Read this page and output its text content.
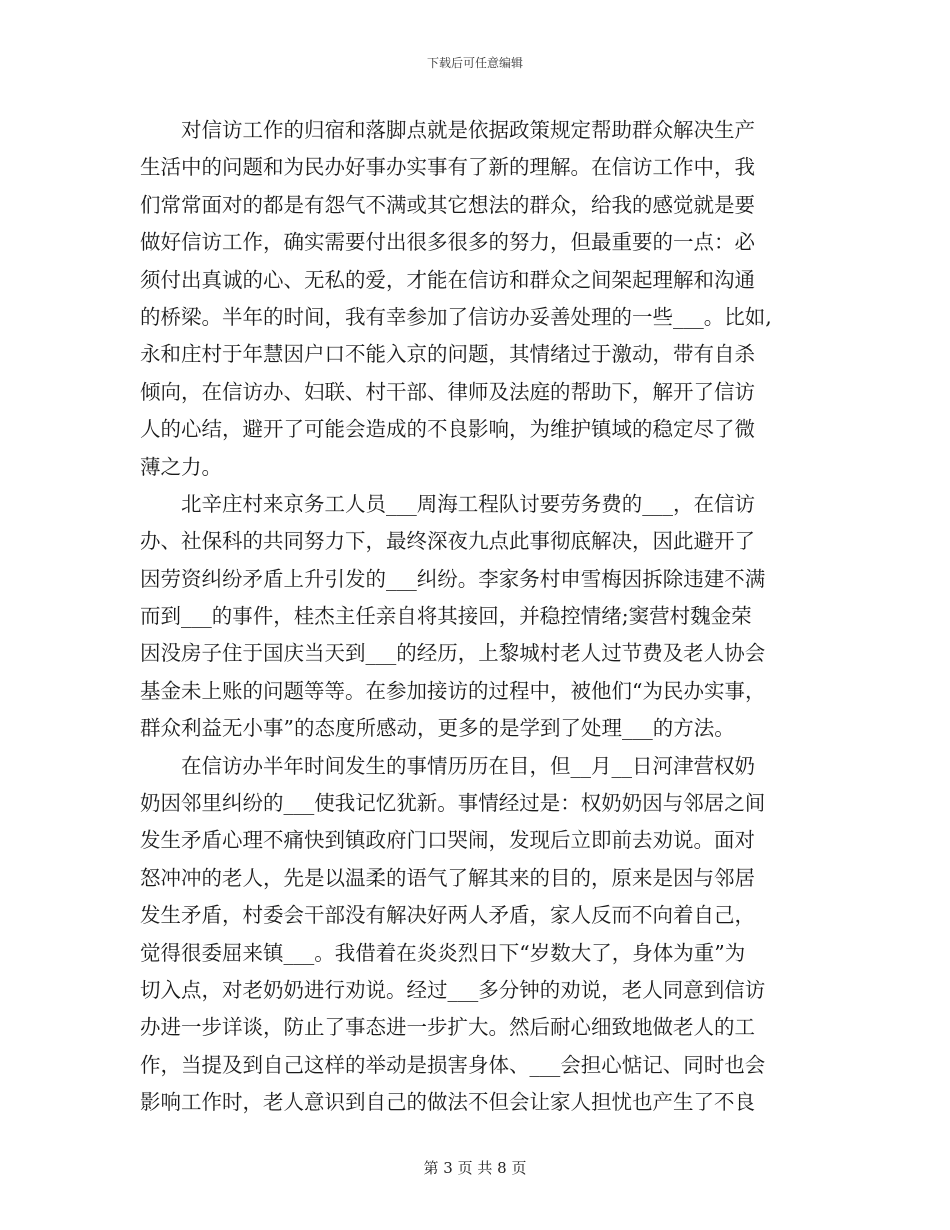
下载后可任意编辑
　　对信访工作的归宿和落脚点就是依据政策规定帮助群众解决生产
生活中的问题和为民办好事办实事有了新的理解。在信访工作中，我
们常常面对的都是有怨气不满或其它想法的群众，给我的感觉就是要
做好信访工作，确实需要付出很多很多的努力，但最重要的一点：必
须付出真诚的心、无私的爱，才能在信访和群众之间架起理解和沟通
的桥梁。半年的时间，我有幸参加了信访办妥善处理的一些___。比如,
永和庄村于年慧因户口不能入京的问题，其情绪过于激动，带有自杀
倾向，在信访办、妇联、村干部、律师及法庭的帮助下，解开了信访
人的心结，避开了可能会造成的不良影响，为维护镇域的稳定尽了微
薄之力。
　　北辛庄村来京务工人员___周海工程队讨要劳务费的___，在信访
办、社保科的共同努力下，最终深夜九点此事彻底解决，因此避开了
因劳资纠纷矛盾上升引发的___纠纷。李家务村申雪梅因拆除违建不满
而到___的事件，桂杰主任亲自将其接回，并稳控情绪;窦营村魏金荣
因没房子住于国庆当天到___的经历，上黎城村老人过节费及老人协会
基金未上账的问题等等。在参加接访的过程中，被他们“为民办实事，
群众利益无小事”的态度所感动，更多的是学到了处理___的方法。
　　在信访办半年时间发生的事情历历在目，但__月__日河津营权奶
奶因邻里纠纷的___使我记忆犹新。事情经过是：权奶奶因与邻居之间
发生矛盾心理不痛快到镇政府门口哭闹，发现后立即前去劝说。面对
怒冲冲的老人，先是以温柔的语气了解其来的目的，原来是因与邻居
发生矛盾，村委会干部没有解决好两人矛盾，家人反而不向着自己，
觉得很委屈来镇___。我借着在炎炎烈日下“岁数大了，身体为重”为
切入点，对老奶奶进行劝说。经过___多分钟的劝说，老人同意到信访
办进一步详谈，防止了事态进一步扩大。然后耐心细致地做老人的工
作，当提及到自己这样的举动是损害身体、___会担心惦记、同时也会
影响工作时，老人意识到自己的做法不但会让家人担忧也产生了不良
第 3 页 共 8 页
